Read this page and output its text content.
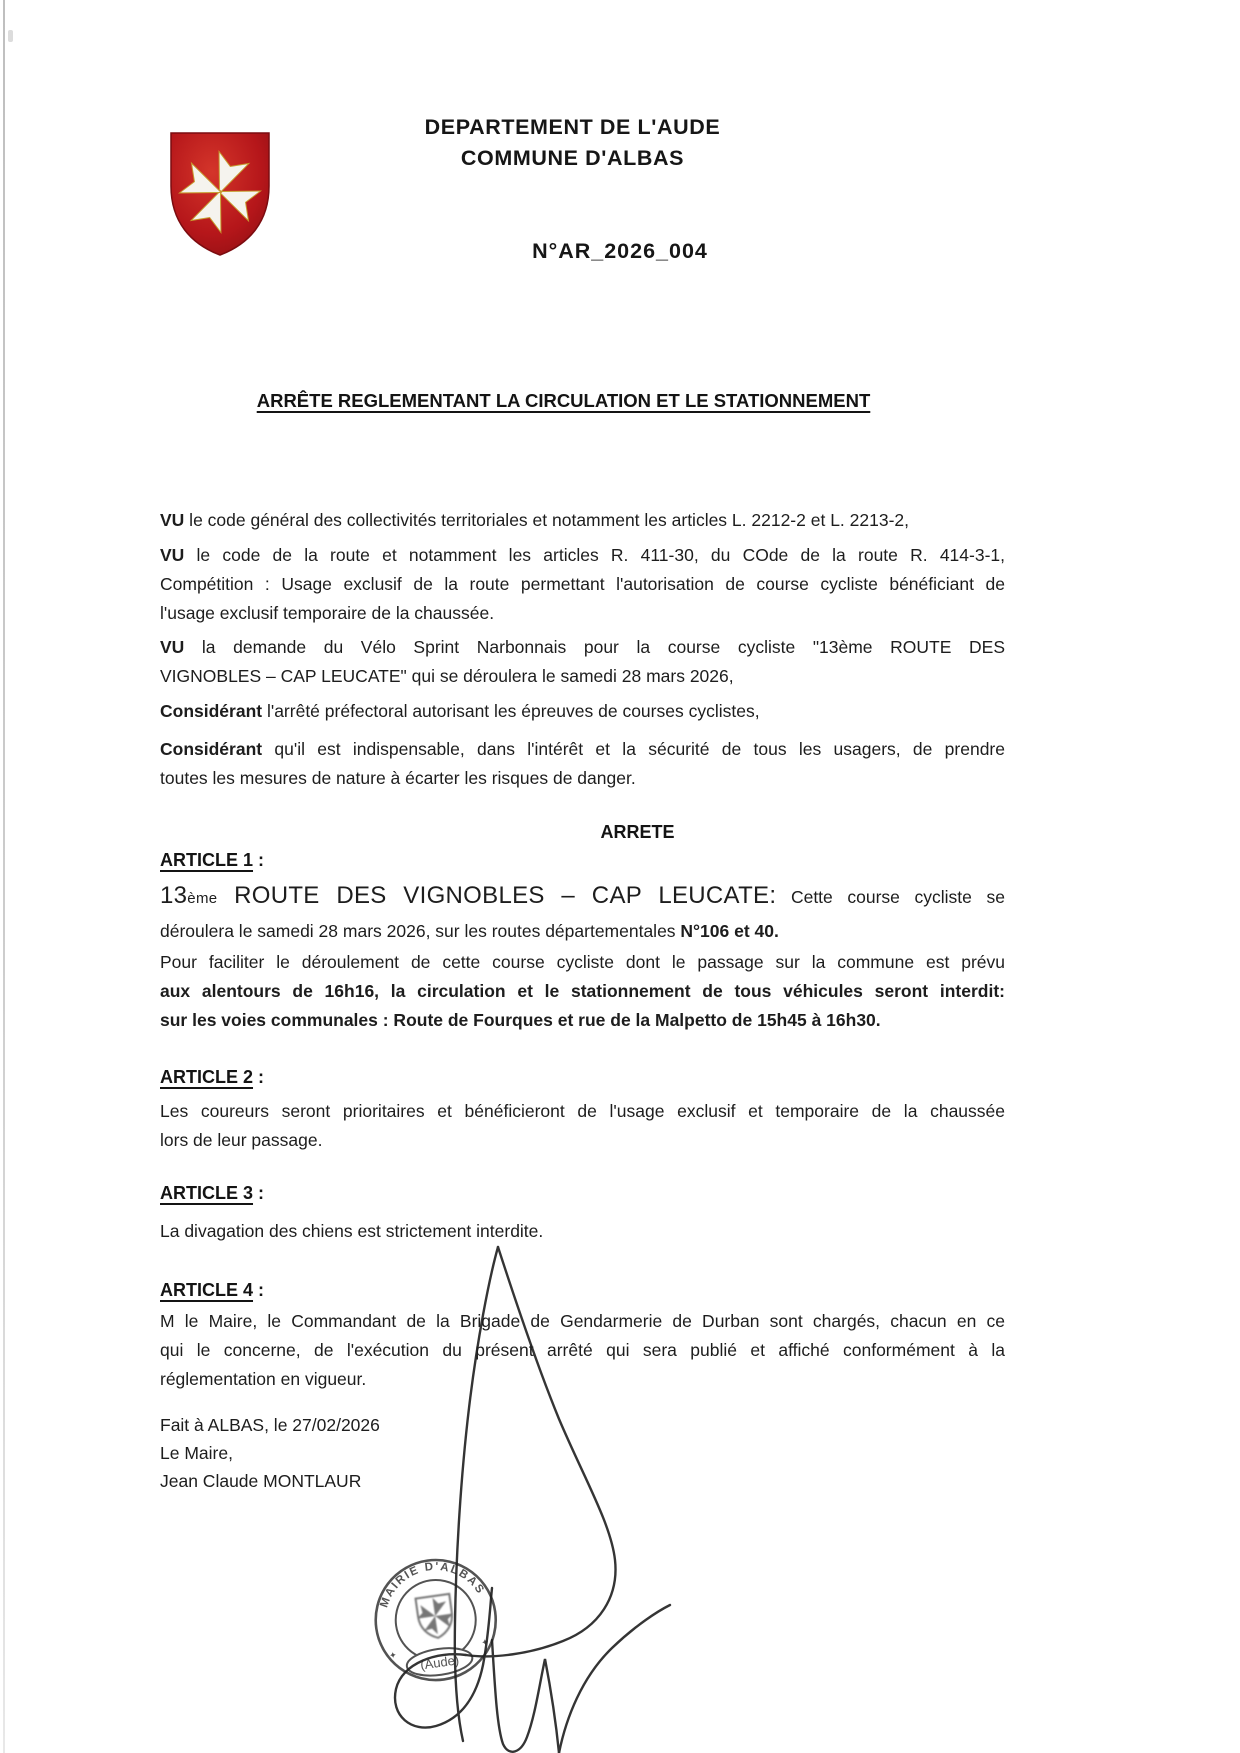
DEPARTEMENT DE L'AUDE
COMMUNE D'ALBAS
N°AR_2026_004
ARRÊTE REGLEMENTANT LA CIRCULATION ET LE STATIONNEMENT
VU le code général des collectivités territoriales et notamment les articles L. 2212-2 et L. 2213-2,
VU le code de la route et notamment les articles R. 411-30, du COde de la route R. 414-3-1,
Compétition : Usage exclusif de la route permettant l'autorisation de course cycliste bénéficiant de
l'usage exclusif temporaire de la chaussée.
VU la demande du Vélo Sprint Narbonnais pour la course cycliste "13ème ROUTE DES
VIGNOBLES – CAP LEUCATE" qui se déroulera le samedi 28 mars 2026,
Considérant l'arrêté préfectoral autorisant les épreuves de courses cyclistes,
Considérant qu'il est indispensable, dans l'intérêt et la sécurité de tous les usagers, de prendre
toutes les mesures de nature à écarter les risques de danger.
ARRETE
ARTICLE 1 :
13ème ROUTE DES VIGNOBLES – CAP LEUCATE: Cette course cycliste se
déroulera le samedi 28 mars 2026, sur les routes départementales N°106 et 40.
Pour faciliter le déroulement de cette course cycliste dont le passage sur la commune est prévu
aux alentours de 16h16, la circulation et le stationnement de tous véhicules seront interdit:
sur les voies communales : Route de Fourques et rue de la Malpetto de 15h45 à 16h30.
ARTICLE 2 :
Les coureurs seront prioritaires et bénéficieront de l'usage exclusif et temporaire de la chaussée
lors de leur passage.
ARTICLE 3 :
La divagation des chiens est strictement interdite.
ARTICLE 4 :
M le Maire, le Commandant de la Brigade de Gendarmerie de Durban sont chargés, chacun en ce
qui le concerne, de l'exécution du présent arrêté qui sera publié et affiché conformément à la
réglementation en vigueur.
Fait à ALBAS, le 27/02/2026
Le Maire,
Jean Claude MONTLAUR
MAIRIE D'ALBAS
✦
✦
(Aude)
